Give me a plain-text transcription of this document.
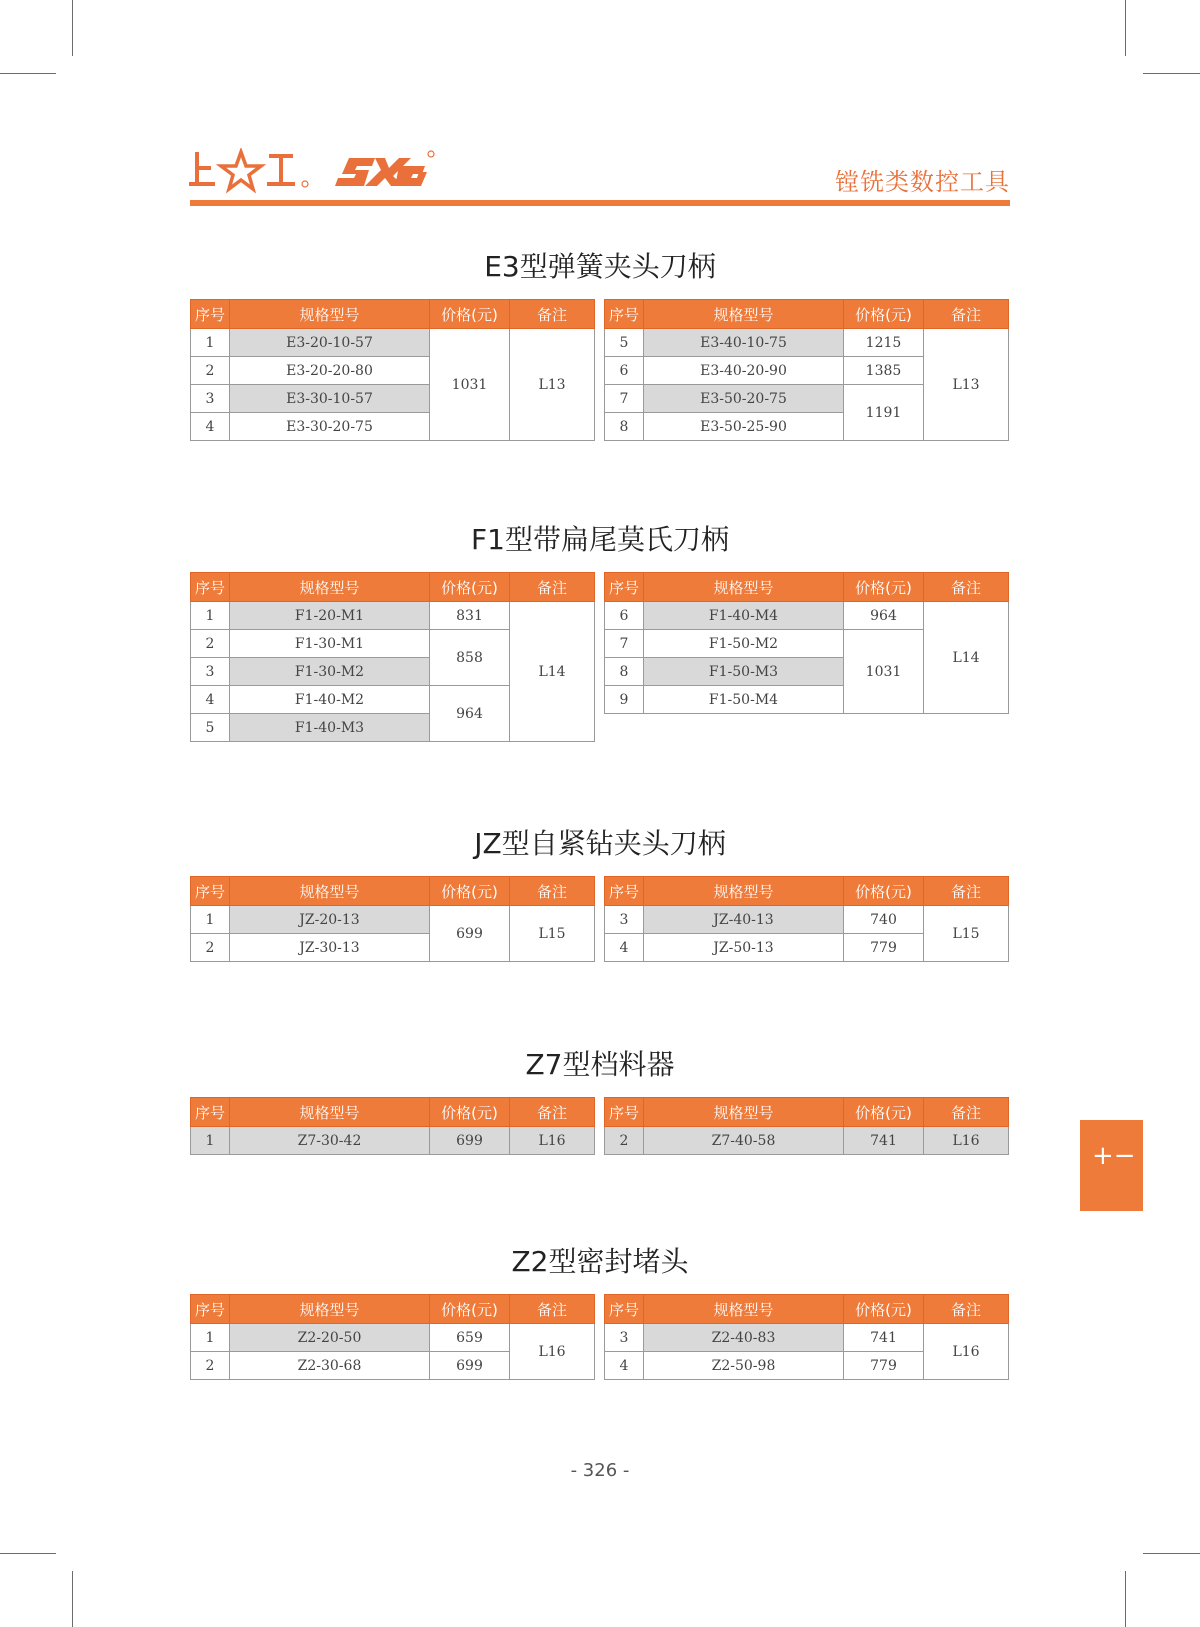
镗铣类数控工具
E3型弹簧夹头刀柄
序号	规格型号	价格(元)	备注
1	E3-20-10-57	1031	L13
2	E3-20-20-80		
3	E3-30-10-57		
4	E3-30-20-75		
序号	规格型号	价格(元)	备注
5	E3-40-10-75	1215	L13
6	E3-40-20-90	1385	
7	E3-50-20-75	1191	
8	E3-50-25-90		
F1型带扁尾莫氏刀柄
序号	规格型号	价格(元)	备注
1	F1-20-M1	831	L14
2	F1-30-M1	858	
3	F1-30-M2		
4	F1-40-M2	964	
5	F1-40-M3		
序号	规格型号	价格(元)	备注
6	F1-40-M4	964	L14
7	F1-50-M2	1031	
8	F1-50-M3		
9	F1-50-M4		
JZ型自紧钻夹头刀柄
序号	规格型号	价格(元)	备注
1	JZ-20-13	699	L15
2	JZ-30-13		
序号	规格型号	价格(元)	备注
3	JZ-40-13	740	L15
4	JZ-50-13	779	
Z7型档料器
序号	规格型号	价格(元)	备注
1	Z7-30-42	699	L16
序号	规格型号	价格(元)	备注
2	Z7-40-58	741	L16
Z2型密封堵头
序号	规格型号	价格(元)	备注
1	Z2-20-50	659	L16
2	Z2-30-68	699	
序号	规格型号	价格(元)	备注
3	Z2-40-83	741	L16
4	Z2-50-98	779	
+−
- 326 -
